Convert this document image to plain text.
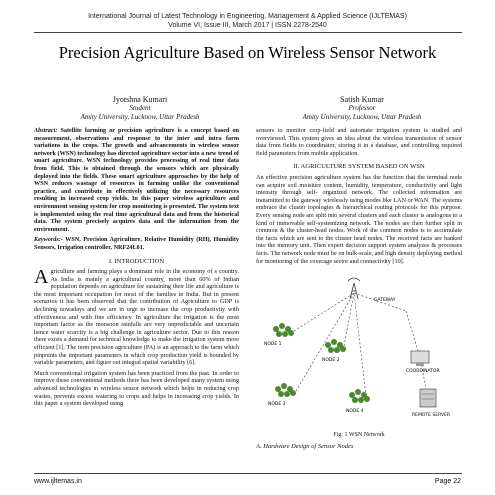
International Journal of Latest Technology in Engineering, Management & Applied Science (IJLTEMAS)
Volume VI, Issue III, March 2017 | ISSN 2278-2540
Precision Agriculture Based on Wireless Sensor Network
Jyotshna Kumari
Student
Amity University, Lucknow, Uttar Pradesh
Satish Kumar
Professor
Amity University, Lucknow, Uttar Pradesh
Abstract: Satellite farming or precision agriculture is a concept based on measurement, observations and response to the inter and intra farm variations in the crops. The growth and advancements in wireless sensor network (WSN) technology has directed agriculture sector into a new trend of smart agriculture. WSN technology provides processing of real time data from field. This is obtained through the sensors which are physically deployed into the fields. These smart agriculture approaches by the help of WSN reduces wastage of resources in farming unlike the conventional practice, and contribute in effectively utilizing the necessary resources resulting in increased crop yields. In this paper wireless agriculture and environment sensing system for crop monitoring is presented. The system text is implemented using the real time agricultural data and from the historical data. The system precisely acquires data and the information from the environment.
Keywords:- WSN, Precision Agriculture, Relative Humidity (RH), Humidity Sensors, Irrigation controller, NRF24L01.
I. INTRODUCTION
Agriculture and farming plays a dominant role in the economy of s country. As India is mainly a agricultural country, more than 60% of Indian population depends on agriculture for sustaining their life and agriculture is the most important occupation for most of the families in India. But in present scenarios it has been observed that the contribution of Agriculture to GDP is declining nowadays and we are in urge to increase the crop productivity with effectiveness and with fine efficiency. In agriculture the irrigation is the most important factor as the monsoon rainfalls are very unpredictable and uncertain hence water scarcity is a big challenge in agriculture sector. Due to this reason there exists a demand for technical knowledge to make the irrigation system more efficient [1]. The term precision agriculture (PA) is an approach to the farm which pinpoints the important parameters in which crop production yield is bounded by variable parameters, and figure out integral spatial variability [6].
Much conventional irrigation system has been practiced from the past. In order to improve these conventional methods there has been developed many system using advanced technologies in wireless sensor network which helps in reducing crop wastes, prevents excess watering to crops and helps in increasing crop yields. In this paper a system developed using
sensors to monitor crop-field and automate irrigation system is studied and overviewed. This system gives an idea about the wireless transmission of sensor data from fields to coordinator, storing it in a database, and controlling required field parameters from mobile application.
II. AGRICULTURE SYSTEM BASED ON WSN
An effective precision agriculture system has the function that the terminal node can acquire soil moisture content, humidity, temperature, conductivity and light intensity through self- organized network. The collected information are transmitted to the gateway wirelessly using modes like LAN or WAN. The systems embrace the cluster topologies & hierarchical routing protocols for this purpose. Every sensing node are split into several clusters and each cluster is analogous to a kind of immovable self-systemizing network. The nodes are then further split in common & the cluster-head nodes. Work of the common nodes is to accumulate the facts which are sent to the cluster head nodes. The received facts are banked into the memory unit. Then expert decision support system analyzes & processes facts. The network node must be on bulk-scale, and high density deploying method for monitoring of the coverage sector and connectivity [10].
NODE 1
NODE 2
NODE 3
NODE 4
GATEWAY
COORDINATOR
REMOTE SERVER
Fig: 1 WSN Network
A. Hardware Design of Sensor Nodes
www.ijltemas.in	Page 22
